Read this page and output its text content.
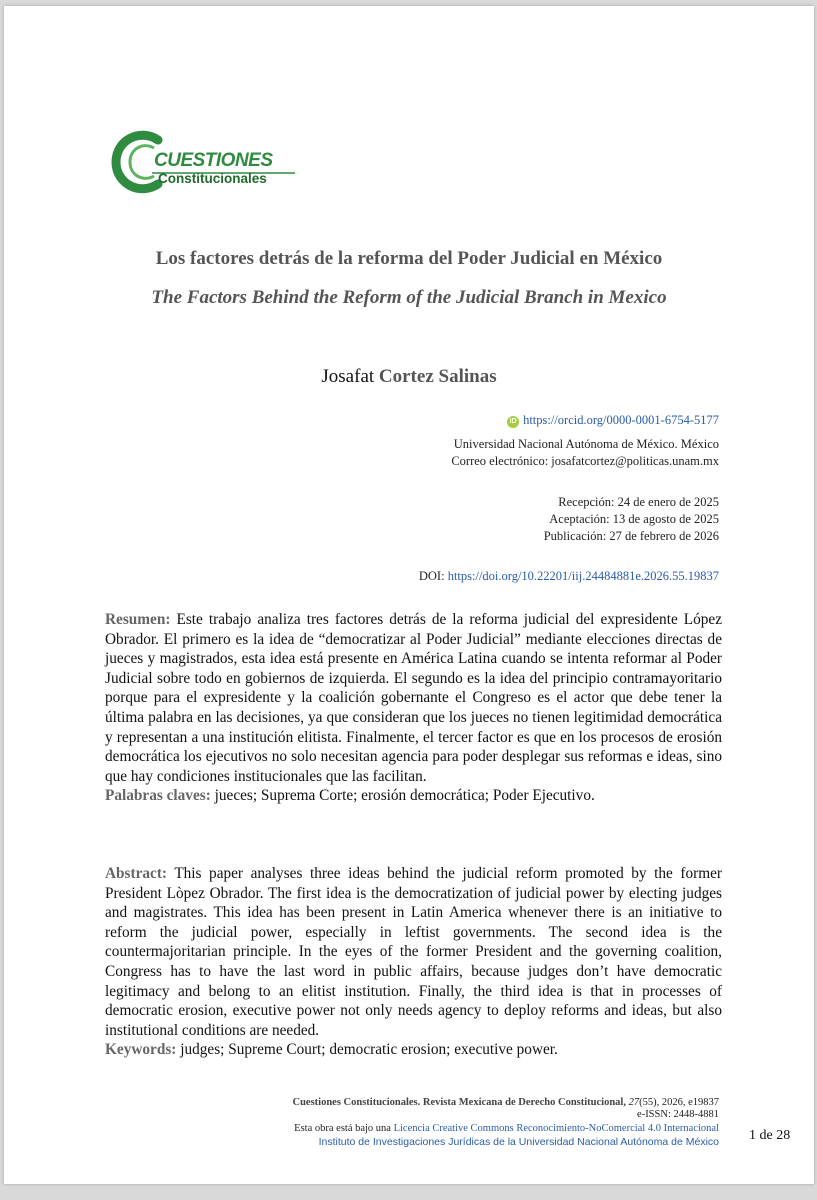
CUESTIONES
Constitucionales
Los factores detrás de la reforma del Poder Judicial en México
The Factors Behind the Reform of the Judicial Branch in Mexico
Josafat Cortez Salinas
iD https://orcid.org/0000-0001-6754-5177
Universidad Nacional Autónoma de México. México
Correo electrónico: josafatcortez@politicas.unam.mx
Recepción: 24 de enero de 2025
Aceptación: 13 de agosto de 2025
Publicación: 27 de febrero de 2026
DOI: https://doi.org/10.22201/iij.24484881e.2026.55.19837
Resumen: Este trabajo analiza tres factores detrás de la reforma judicial del expresidente López Obrador. El primero es la idea de “democratizar al Poder Judicial” mediante elecciones directas de jueces y magistrados, esta idea está presente en América Latina cuando se intenta reformar al Poder Judicial sobre todo en gobiernos de izquierda. El segundo es la idea del principio contramayoritario porque para el expresidente y la coalición gobernante el Congreso es el actor que debe tener la última palabra en las decisiones, ya que consideran que los jueces no tienen legitimidad democrática y representan a una institución elitista. Finalmente, el tercer factor es que en los procesos de erosión democrática los ejecutivos no solo necesitan agencia para poder desplegar sus reformas e ideas, sino que hay condiciones institucionales que las facilitan.
Palabras claves: jueces; Suprema Corte; erosión democrática; Poder Ejecutivo.
Abstract: This paper analyses three ideas behind the judicial reform promoted by the former President Lòpez Obrador. The first idea is the democratization of judicial power by electing judges and magistrates. This idea has been present in Latin America whenever there is an initiative to reform the judicial power, especially in leftist governments. The second idea is the countermajoritarian principle. In the eyes of the former President and the governing coalition, Congress has to have the last word in public affairs, because judges don’t have democratic legitimacy and belong to an elitist institution. Finally, the third idea is that in processes of democratic erosion, executive power not only needs agency to deploy reforms and ideas, but also institutional conditions are needed.
Keywords: judges; Supreme Court; democratic erosion; executive power.
Cuestiones Constitucionales. Revista Mexicana de Derecho Constitucional, 27(55), 2026, e19837
e-ISSN: 2448-4881
Esta obra está bajo una Licencia Creative Commons Reconocimiento-NoComercial 4.0 Internacional
Instituto de Investigaciones Jurídicas de la Universidad Nacional Autónoma de México 1 de 28
